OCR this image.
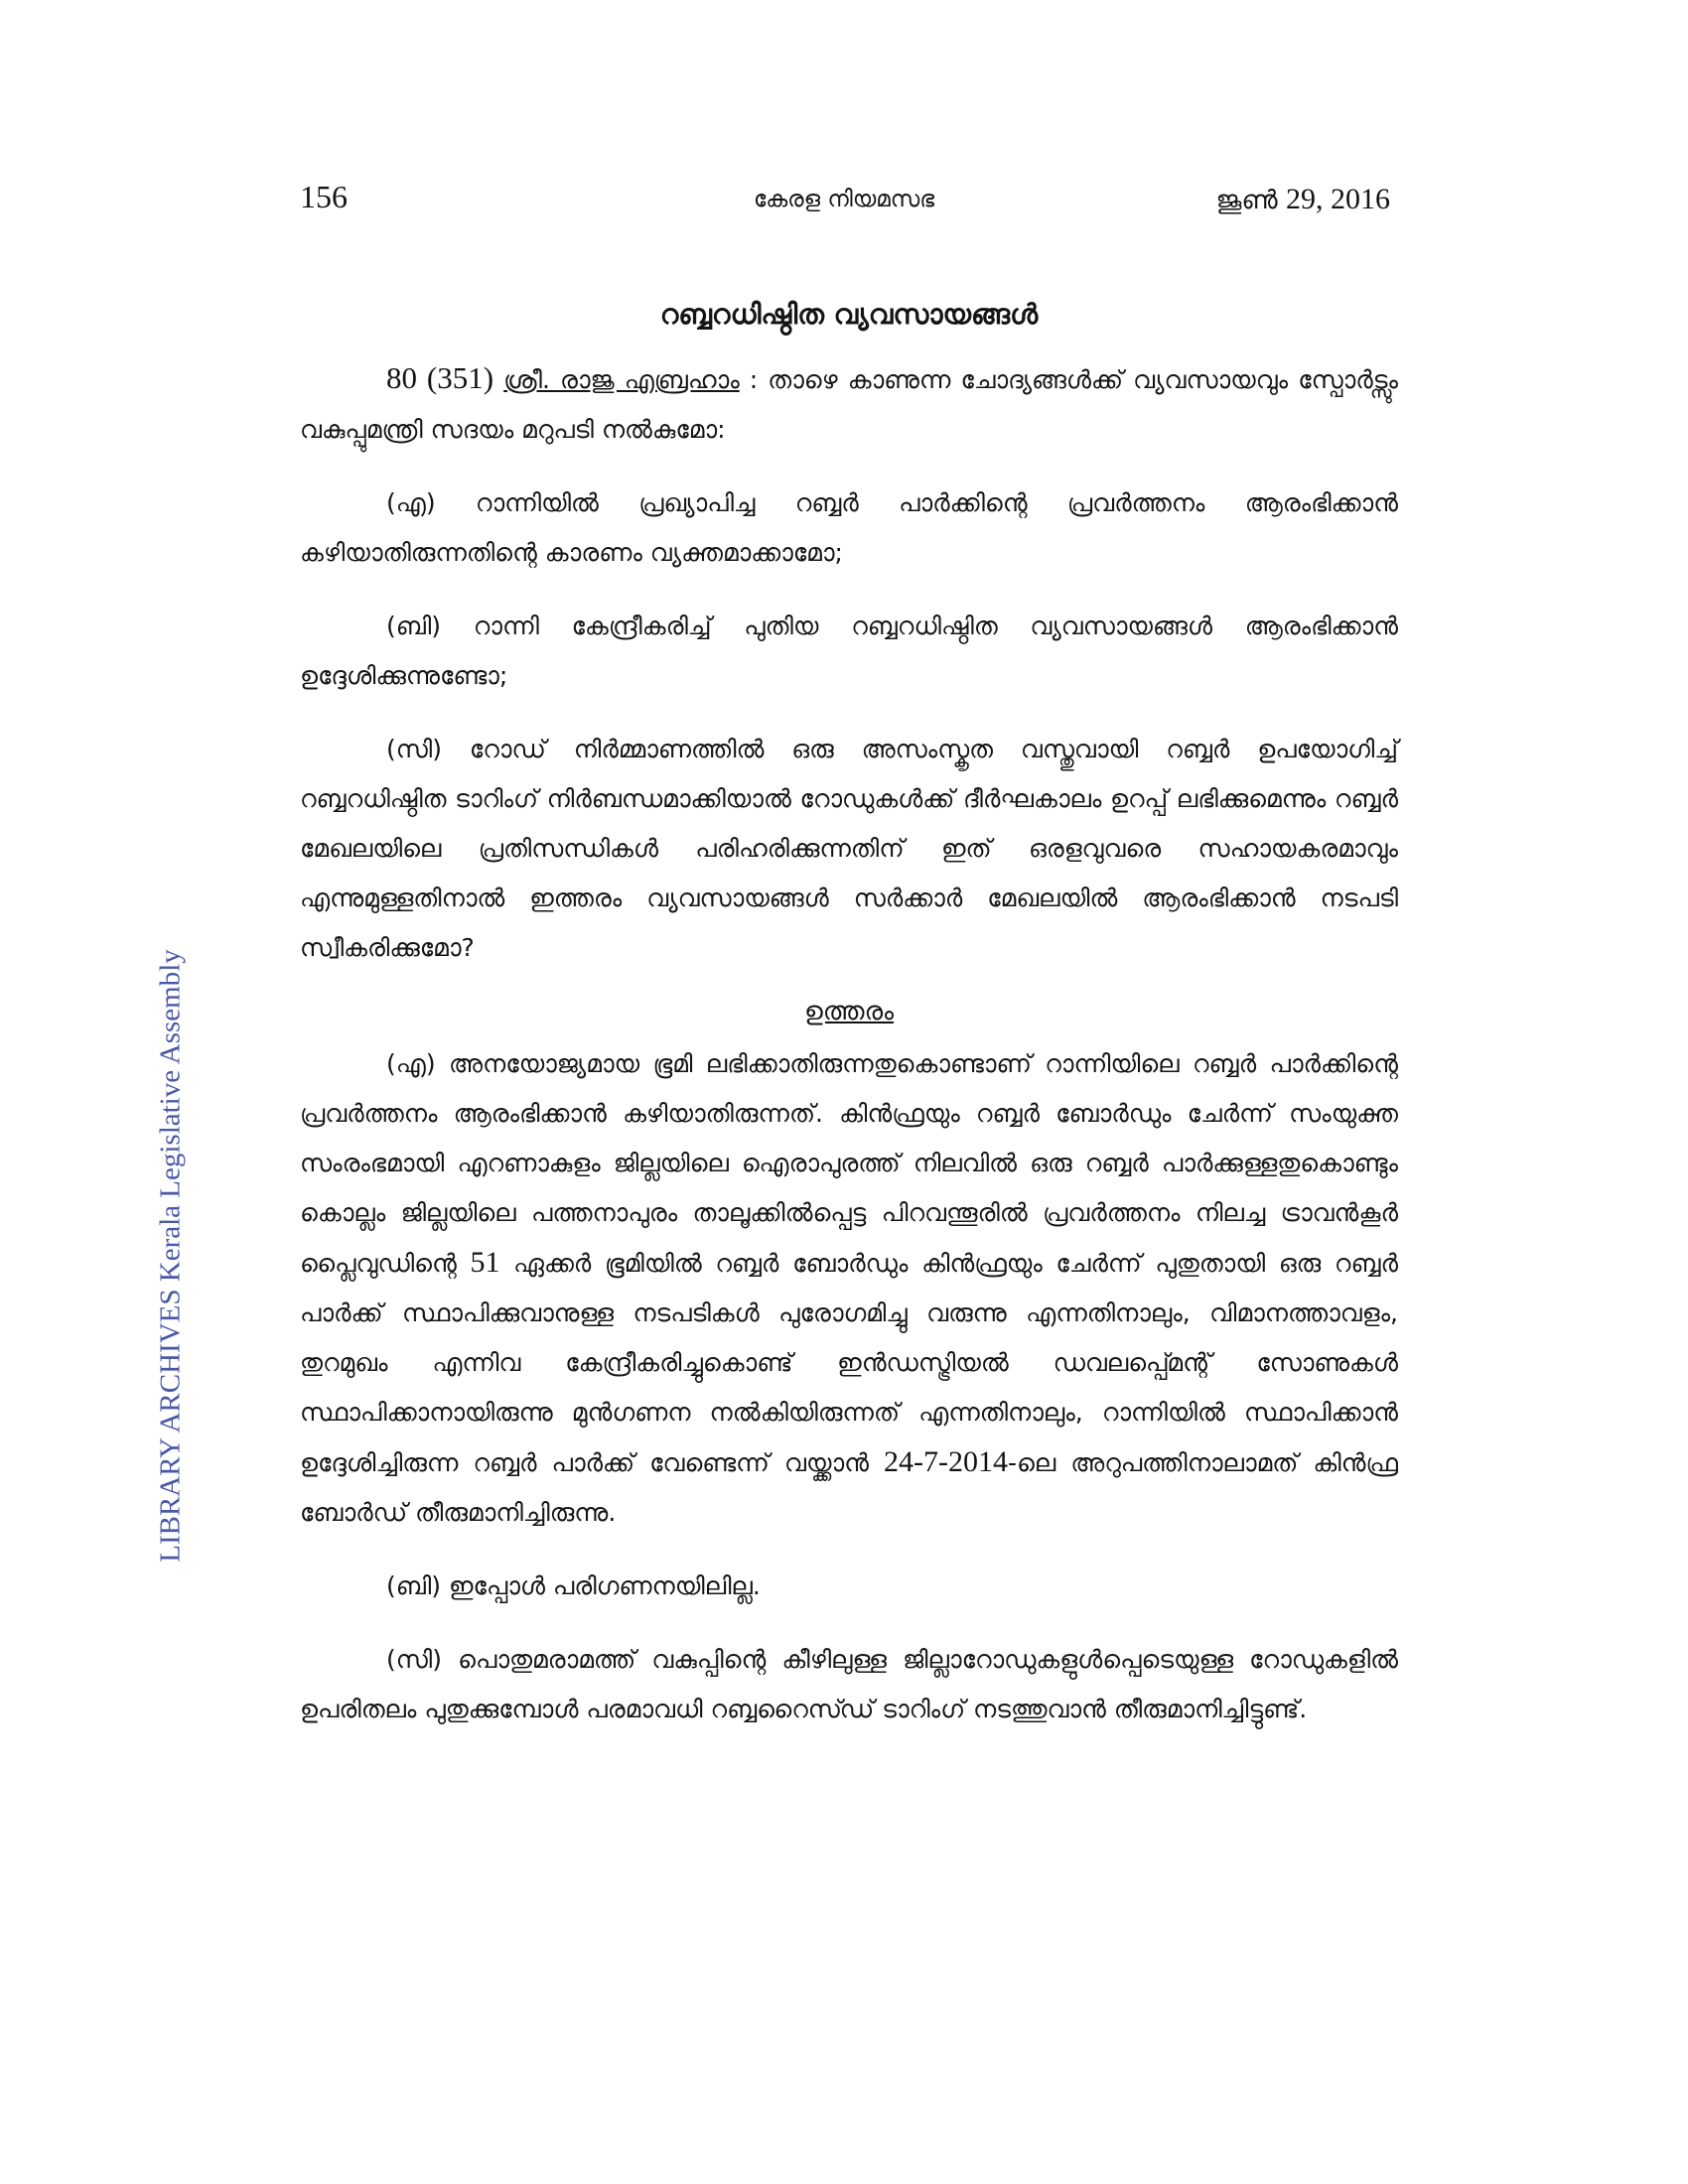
156	കേരള നിയമസഭ	ജൂൺ 29, 2016
LIBRARY ARCHIVES Kerala Legislative Assembly
റബ്ബറധിഷ്ഠിത വ്യവസായങ്ങൾ

80 (351) ശ്രീ. രാജു എബ്രഹാം : താഴെ കാണുന്ന ചോദ്യങ്ങൾക്ക് വ്യവസായവും സ്പോർട്സും വകുപ്പുമന്ത്രി സദയം മറുപടി നൽകുമോ:

(എ) റാന്നിയിൽ പ്രഖ്യാപിച്ച റബ്ബർ പാർക്കിന്റെ പ്രവർത്തനം ആരംഭിക്കാൻ കഴിയാതിരുന്നതിന്റെ കാരണം വ്യക്തമാക്കാമോ;

(ബി) റാന്നി കേന്ദ്രീകരിച്ച് പുതിയ റബ്ബറധിഷ്ഠിത വ്യവസായങ്ങൾ ആരംഭിക്കാൻ ഉദ്ദേശിക്കുന്നുണ്ടോ;

(സി) റോഡ് നിർമ്മാണത്തിൽ ഒരു അസംസ്കൃത വസ്തുവായി റബ്ബർ ഉപയോഗിച്ച് റബ്ബറധിഷ്ഠിത ടാറിംഗ് നിർബന്ധമാക്കിയാൽ റോഡുകൾക്ക് ദീർഘകാലം ഉറപ്പ് ലഭിക്കുമെന്നും റബ്ബർ മേഖലയിലെ പ്രതിസന്ധികൾ പരിഹരിക്കുന്നതിന് ഇത് ഒരളവുവരെ സഹായകരമാവും എന്നുമുള്ളതിനാൽ ഇത്തരം വ്യവസായങ്ങൾ സർക്കാർ മേഖലയിൽ ആരംഭിക്കാൻ നടപടി സ്വീകരിക്കുമോ?

ഉത്തരം

(എ) അനയോജ്യമായ ഭൂമി ലഭിക്കാതിരുന്നതുകൊണ്ടാണ് റാന്നിയിലെ റബ്ബർ പാർക്കിന്റെ പ്രവർത്തനം ആരംഭിക്കാൻ കഴിയാതിരുന്നത്. കിൻഫ്രയും റബ്ബർ ബോർഡും ചേർന്ന് സംയുക്ത സംരംഭമായി എറണാകുളം ജില്ലയിലെ ഐരാപുരത്ത് നിലവിൽ ഒരു റബ്ബർ പാർക്കുള്ളതുകൊണ്ടും കൊല്ലം ജില്ലയിലെ പത്തനാപുരം താലൂക്കിൽപ്പെട്ട പിറവന്തൂരിൽ പ്രവർത്തനം നിലച്ച ട്രാവൻകൂർ പ്ലൈവുഡിന്റെ 51 ഏക്കർ ഭൂമിയിൽ റബ്ബർ ബോർഡും കിൻഫ്രയും ചേർന്ന് പുതുതായി ഒരു റബ്ബർ പാർക്ക് സ്ഥാപിക്കുവാനുള്ള നടപടികൾ പുരോഗമിച്ചു വരുന്നു എന്നതിനാലും, വിമാനത്താവളം, തുറമുഖം എന്നിവ കേന്ദ്രീകരിച്ചുകൊണ്ട് ഇൻഡസ്ട്രിയൽ ഡവലപ്പ്മെന്റ് സോണുകൾ സ്ഥാപിക്കാനായിരുന്നു മുൻഗണന നൽകിയിരുന്നത് എന്നതിനാലും, റാന്നിയിൽ സ്ഥാപിക്കാൻ ഉദ്ദേശിച്ചിരുന്ന റബ്ബർ പാർക്ക് വേണ്ടെന്ന് വയ്ക്കാൻ 24-7-2014-ലെ അറുപത്തിനാലാമത് കിൻഫ്ര ബോർഡ് തീരുമാനിച്ചിരുന്നു.

(ബി) ഇപ്പോൾ പരിഗണനയിലില്ല.

(സി) പൊതുമരാമത്ത് വകുപ്പിന്റെ കീഴിലുള്ള ജില്ലാറോഡുകളുൾപ്പെടെയുള്ള റോഡുകളിൽ ഉപരിതലം പുതുക്കുമ്പോൾ പരമാവധി റബ്ബറൈസ്ഡ് ടാറിംഗ് നടത്തുവാൻ തീരുമാനിച്ചിട്ടുണ്ട്.
